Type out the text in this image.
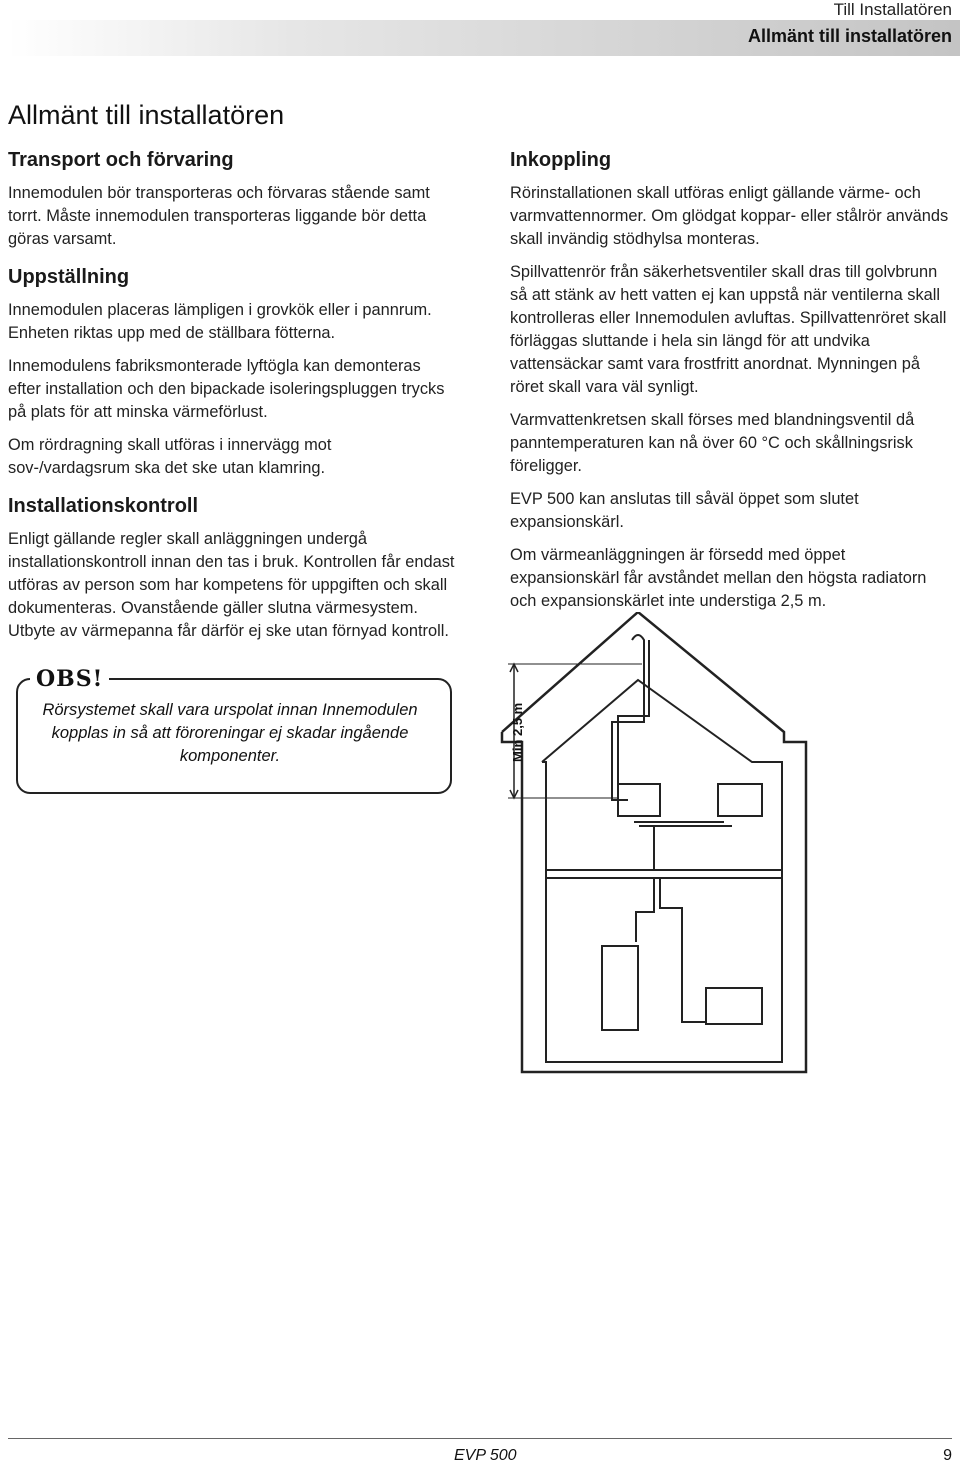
Till Installatören
Allmänt till installatören
Allmänt till installatören
Transport och förvaring

Innemodulen bör transporteras och förvaras stående samt torrt. Måste innemodulen transporteras liggande bör detta göras varsamt.

Uppställning

Innemodulen placeras lämpligen i grovkök eller i pannrum. Enheten riktas upp med de ställbara fötterna.

Innemodulens fabriksmonterade lyftögla kan demonteras efter installation och den bipackade isoleringspluggen trycks på plats för att minska värmeförlust.

Om rördragning skall utföras i innervägg mot sov-/vardagsrum ska det ske utan klamring.

Installationskontroll

Enligt gällande regler skall anläggningen undergå installationskontroll innan den tas i bruk. Kontrollen får endast utföras av person som har kompetens för uppgiften och skall dokumenteras. Ovanstående gäller slutna värmesystem. Utbyte av värmepanna får därför ej ske utan förnyad kontroll.

Inkoppling

Rörinstallationen skall utföras enligt gällande värme- och varmvattennormer. Om glödgat koppar- eller stålrör används skall invändig stödhylsa monteras.

Spillvattenrör från säkerhetsventiler skall dras till golvbrunn så att stänk av hett vatten ej kan uppstå när ventilerna skall kontrolleras eller Innemodulen avluftas. Spillvattenröret skall förläggas sluttande i hela sin längd för att undvika vattensäckar samt vara frostfritt anordnat. Mynningen på röret skall vara väl synligt.

Varmvattenkretsen skall förses med blandningsventil då panntemperaturen kan nå över 60 °C och skållningsrisk föreligger.

EVP 500 kan anslutas till såväl öppet som slutet expansionskärl.

Om värmeanläggningen är försedd med öppet expansionskärl får avståndet mellan den högsta radiatorn och expansionskärlet inte understiga 2,5 m.

OBS!
Rörsystemet skall vara urspolat innan Innemodulen kopplas in så att föroreningar ej skadar ingående komponenter.	Min 2,5 m
EVP 500	9
